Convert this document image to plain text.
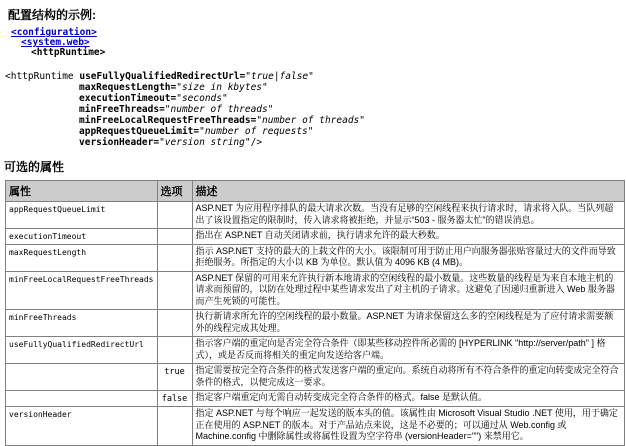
配置结构的示例:
<configuration>
<system.web>
<httpRuntime>
<httpRuntime useFullyQualifiedRedirectUrl="true|false"
maxRequestLength="size in kbytes"
executionTimeout="seconds"
minFreeThreads="number of threads"
minFreeLocalRequestFreeThreads="number of threads"
appRequestQueueLimit="number of requests"
versionHeader="version string"/>
可选的属性
属性	选项	描述
appRequestQueueLimit		ASP.NET 为应用程序排队的最大请求次数。当没有足够的空闲线程来执行请求时，请求将入队。当队列超出了该设置指定的限制时，传入请求将被拒绝，并显示“503 - 服务器太忙”的错误消息。
executionTimeout		指出在 ASP.NET 自动关闭请求前，执行请求允许的最大秒数。
maxRequestLength		指示 ASP.NET 支持的最大的上载文件的大小。该限制可用于防止用户向服务器张贴容量过大的文件而导致拒绝服务。所指定的大小以 KB 为单位。默认值为 4096 KB (4 MB)。
minFreeLocalRequestFreeThreads		ASP.NET 保留的可用来允许执行新本地请求的空闲线程的最小数量。这些数量的线程是为来自本地主机的请求而预留的，以防在处理过程中某些请求发出了对主机的子请求。这避免了因递归重新进入 Web 服务器而产生死锁的可能性。
minFreeThreads		执行新请求所允许的空闲线程的最小数量。ASP.NET 为请求保留这么多的空闲线程是为了应付请求需要额外的线程完成其处理。
useFullyQualifiedRedirectUrl		指示客户端的重定向是否完全符合条件（即某些移动控件所必需的 [HYPERLINK "http://server/path" ] 格式），或是否反而将相关的重定向发送给客户端。
	true	指定需要按完全符合条件的格式发送客户端的重定向。系统自动将所有不符合条件的重定向转变成完全符合条件的格式，以便完成这一要求。
	false	指定客户端重定向无需自动转变成完全符合条件的格式。false 是默认值。
versionHeader		指定 ASP.NET 与每个响应一起发送的版本头的值。该属性由 Microsoft Visual Studio .NET 使用，用于确定正在使用的 ASP.NET 的版本。对于产品站点来说，这是不必要的；可以通过从 Web.config 或 Machine.config 中删除属性或将属性设置为空字符串 (versionHeader="") 来禁用它。
